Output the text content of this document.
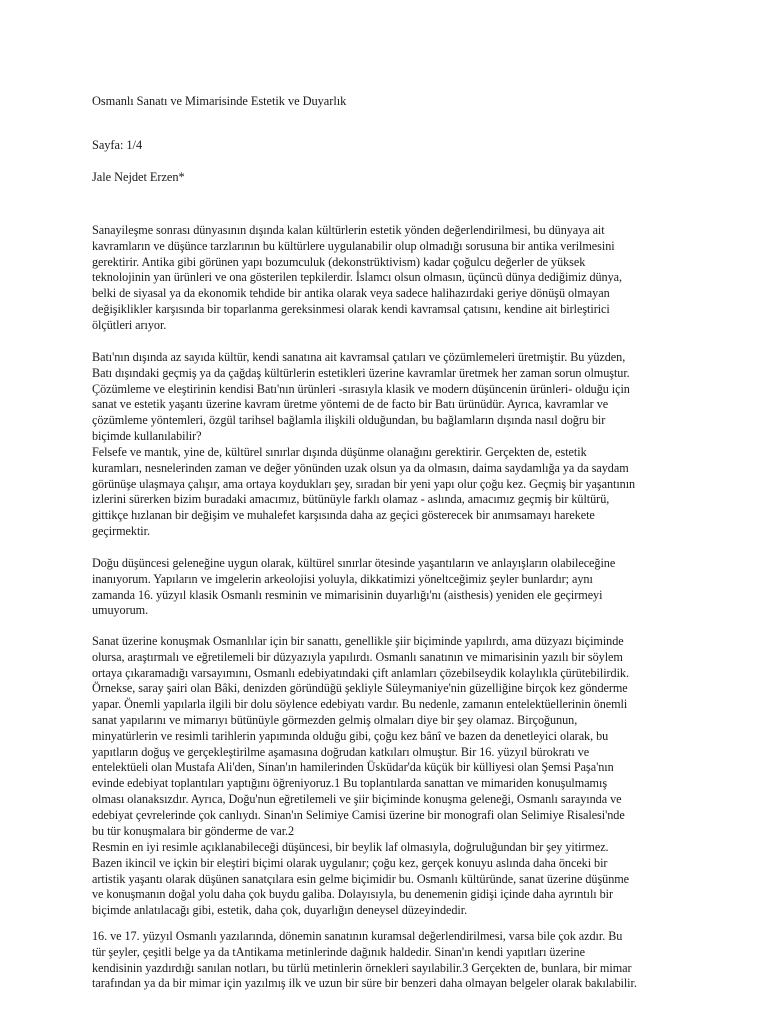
Osmanlı Sanatı ve Mimarisinde Estetik ve Duyarlık
Sayfa: 1/4
Jale Nejdet Erzen*
Sanayileşme sonrası dünyasının dışında kalan kültürlerin estetik yönden değerlendirilmesi, bu dünyaya ait
kavramların ve düşünce tarzlarının bu kültürlere uygulanabilir olup olmadığı sorusuna bir antika verilmesini
gerektirir. Antika gibi görünen yapı bozumculuk (dekonstrüktivism) kadar çoğulcu değerler de yüksek
teknolojinin yan ürünleri ve ona gösterilen tepkilerdir. İslamcı olsun olmasın, üçüncü dünya dediğimiz dünya,
belki de siyasal ya da ekonomik tehdide bir antika olarak veya sadece halihazırdaki geriye dönüşü olmayan
değişiklikler karşısında bir toparlanma gereksinmesi olarak kendi kavramsal çatısını, kendine ait birleştirici
ölçütleri arıyor.
Batı'nın dışında az sayıda kültür, kendi sanatına ait kavramsal çatıları ve çözümlemeleri üretmiştir. Bu yüzden,
Batı dışındaki geçmiş ya da çağdaş kültürlerin estetikleri üzerine kavramlar üretmek her zaman sorun olmuştur.
Çözümleme ve eleştirinin kendisi Batı'nın ürünleri -sırasıyla klasik ve modern düşüncenin ürünleri- olduğu için
sanat ve estetik yaşantı üzerine kavram üretme yöntemi de de facto bir Batı ürünüdür. Ayrıca, kavramlar ve
çözümleme yöntemleri, özgül tarihsel bağlamla ilişkili olduğundan, bu bağlamların dışında nasıl doğru bir
biçimde kullanılabilir?
Felsefe ve mantık, yine de, kültürel sınırlar dışında düşünme olanağını gerektirir. Gerçekten de, estetik
kuramları, nesnelerinden zaman ve değer yönünden uzak olsun ya da olmasın, daima saydamlığa ya da saydam
görünüşe ulaşmaya çalışır, ama ortaya koydukları şey, sıradan bir yeni yapı olur çoğu kez. Geçmiş bir yaşantının
izlerini sürerken bizim buradaki amacımız, bütünüyle farklı olamaz - aslında, amacımız geçmiş bir kültürü,
gittikçe hızlanan bir değişim ve muhalefet karşısında daha az geçici gösterecek bir anımsamayı harekete
geçirmektir.
Doğu düşüncesi geleneğine uygun olarak, kültürel sınırlar ötesinde yaşantıların ve anlayışların olabileceğine
inanıyorum. Yapıların ve imgelerin arkeolojisi yoluyla, dikkatimizi yöneltceğimiz şeyler bunlardır; aynı
zamanda 16. yüzyıl klasik Osmanlı resminin ve mimarisinin duyarlığı'nı (aisthesis) yeniden ele geçirmeyi
umuyorum.
Sanat üzerine konuşmak Osmanlılar için bir sanattı, genellikle şiir biçiminde yapılırdı, ama düzyazı biçiminde
olursa, araştırmalı ve eğretilemeli bir düzyazıyla yapılırdı. Osmanlı sanatının ve mimarisinin yazılı bir söylem
ortaya çıkaramadığı varsayımını, Osmanlı edebiyatındaki çift anlamları çözebilseydik kolaylıkla çürütebilirdik.
Örnekse, saray şairi olan Bâki, denizden göründüğü şekliyle Süleymaniye'nin güzelliğine birçok kez gönderme
yapar. Önemli yapılarla ilgili bir dolu söylence edebiyatı vardır. Bu nedenle, zamanın entelektüellerinin önemli
sanat yapılarını ve mimarıyı bütünüyle görmezden gelmiş olmaları diye bir şey olamaz. Birçoğunun,
minyatürlerin ve resimli tarihlerin yapımında olduğu gibi, çoğu kez bânî ve bazen da denetleyici olarak, bu
yapıtların doğuş ve gerçekleştirilme aşamasına doğrudan katkıları olmuştur. Bir 16. yüzyıl bürokratı ve
entelektüeli olan Mustafa Ali'den, Sinan'ın hamilerinden Üsküdar'da küçük bir külliyesi olan Şemsi Paşa'nın
evinde edebiyat toplantıları yaptığını öğreniyoruz.1 Bu toplantılarda sanattan ve mimariden konuşulmamış
olması olanaksızdır. Ayrıca, Doğu'nun eğretilemeli ve şiir biçiminde konuşma geleneği, Osmanlı sarayında ve
edebiyat çevrelerinde çok canlıydı. Sinan'ın Selimiye Camisi üzerine bir monografi olan Selimiye Risalesi'nde
bu tür konuşmalara bir gönderme de var.2
Resmin en iyi resimle açıklanabileceği düşüncesi, bir beylik laf olmasıyla, doğruluğundan bir şey yitirmez.
Bazen ikincil ve içkin bir eleştiri biçimi olarak uygulanır; çoğu kez, gerçek konuyu aslında daha önceki bir
artistik yaşantı olarak düşünen sanatçılara esin gelme biçimidir bu. Osmanlı kültüründe, sanat üzerine düşünme
ve konuşmanın doğal yolu daha çok buydu galiba. Dolayısıyla, bu denemenin gidişi içinde daha ayrıntılı bir
biçimde anlatılacağı gibi, estetik, daha çok, duyarlığın deneysel düzeyindedir.
16. ve 17. yüzyıl Osmanlı yazılarında, dönemin sanatının kuramsal değerlendirilmesi, varsa bile çok azdır. Bu
tür şeyler, çeşitli belge ya da tAntikama metinlerinde dağınık haldedir. Sinan'ın kendi yapıtları üzerine
kendisinin yazdırdığı sanılan notları, bu türlü metinlerin örnekleri sayılabilir.3 Gerçekten de, bunlara, bir mimar
tarafından ya da bir mimar için yazılmış ilk ve uzun bir süre bir benzeri daha olmayan belgeler olarak bakılabilir.
